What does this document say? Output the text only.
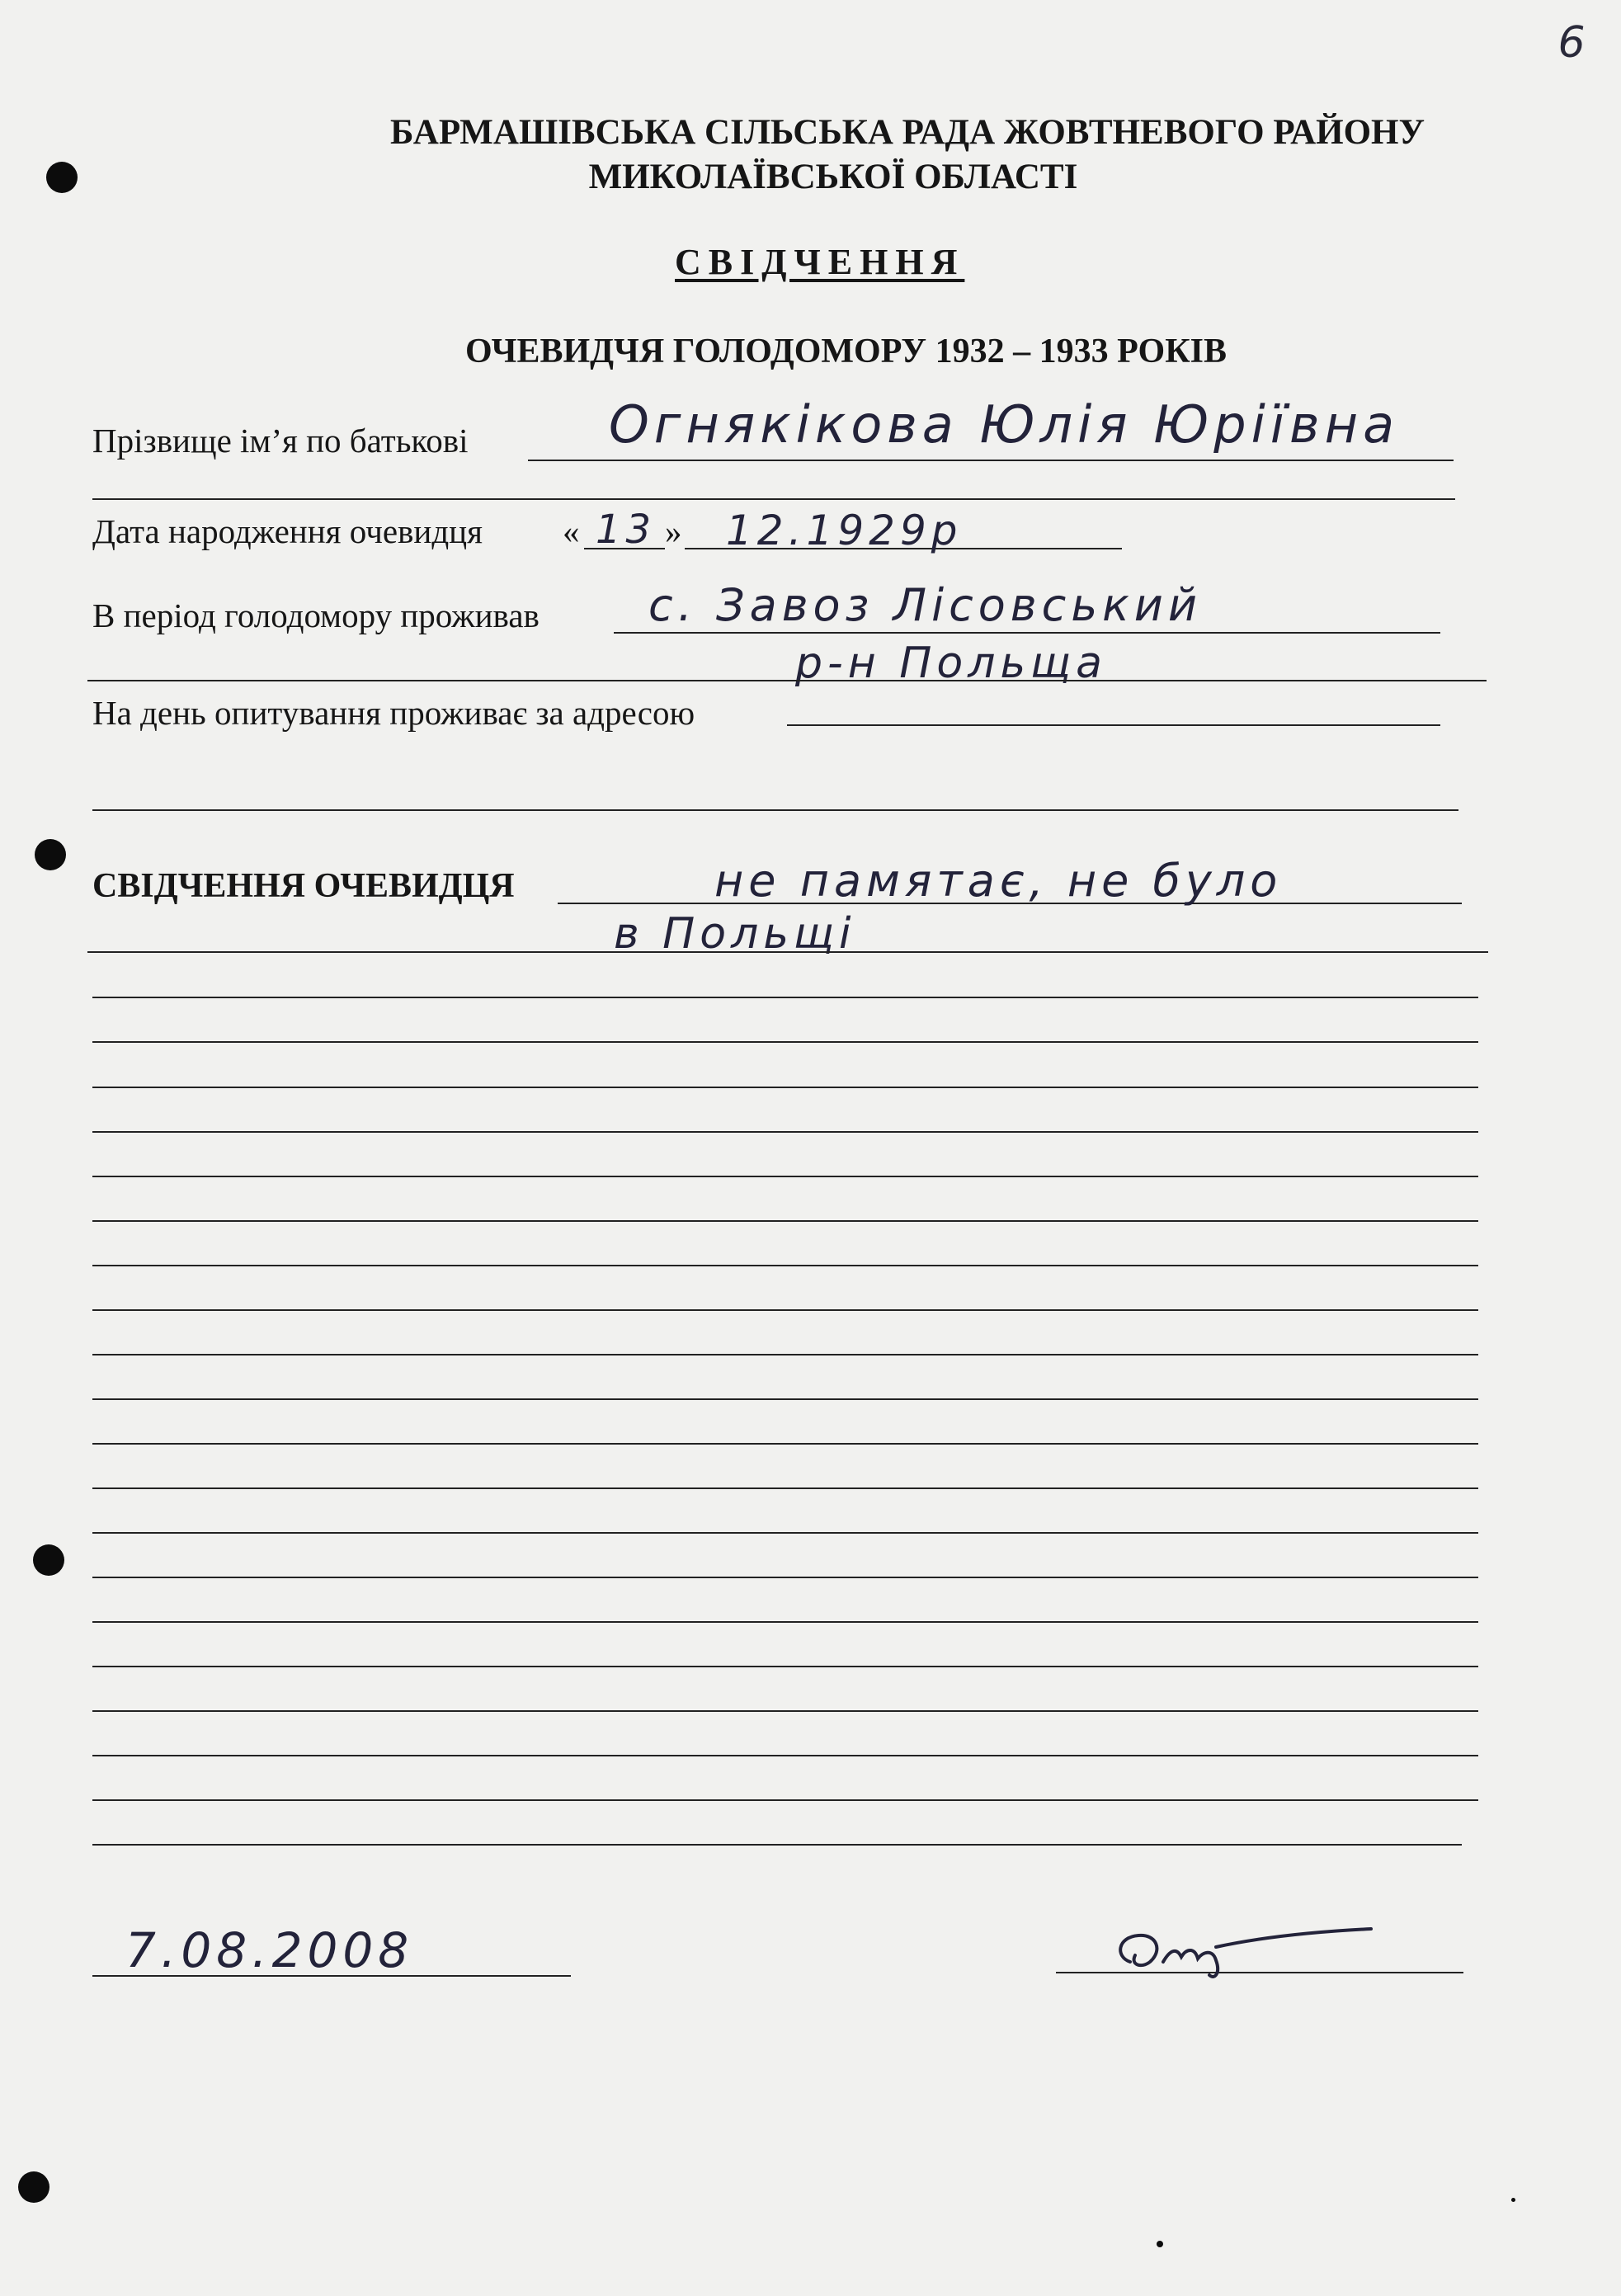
6
БАРМАШІВСЬКА СІЛЬСЬКА РАДА ЖОВТНЕВОГО РАЙОНУ
МИКОЛАЇВСЬКОЇ ОБЛАСТІ
СВІДЧЕННЯ
ОЧЕВИДЧЯ ГОЛОДОМОРУ 1932 – 1933 РОКІВ
Прізвище ім’я по батькові	Огнякікова Юлія Юріївна
Дата народження очевидця « 13 » 12.1929р
В період голодомору проживав с. Завоз Лісовський
р-н Польща
На день опитування проживає за адресою
СВІДЧЕННЯ ОЧЕВИДЦЯ	не памятає, не було
в Польщі
7.08.2008
